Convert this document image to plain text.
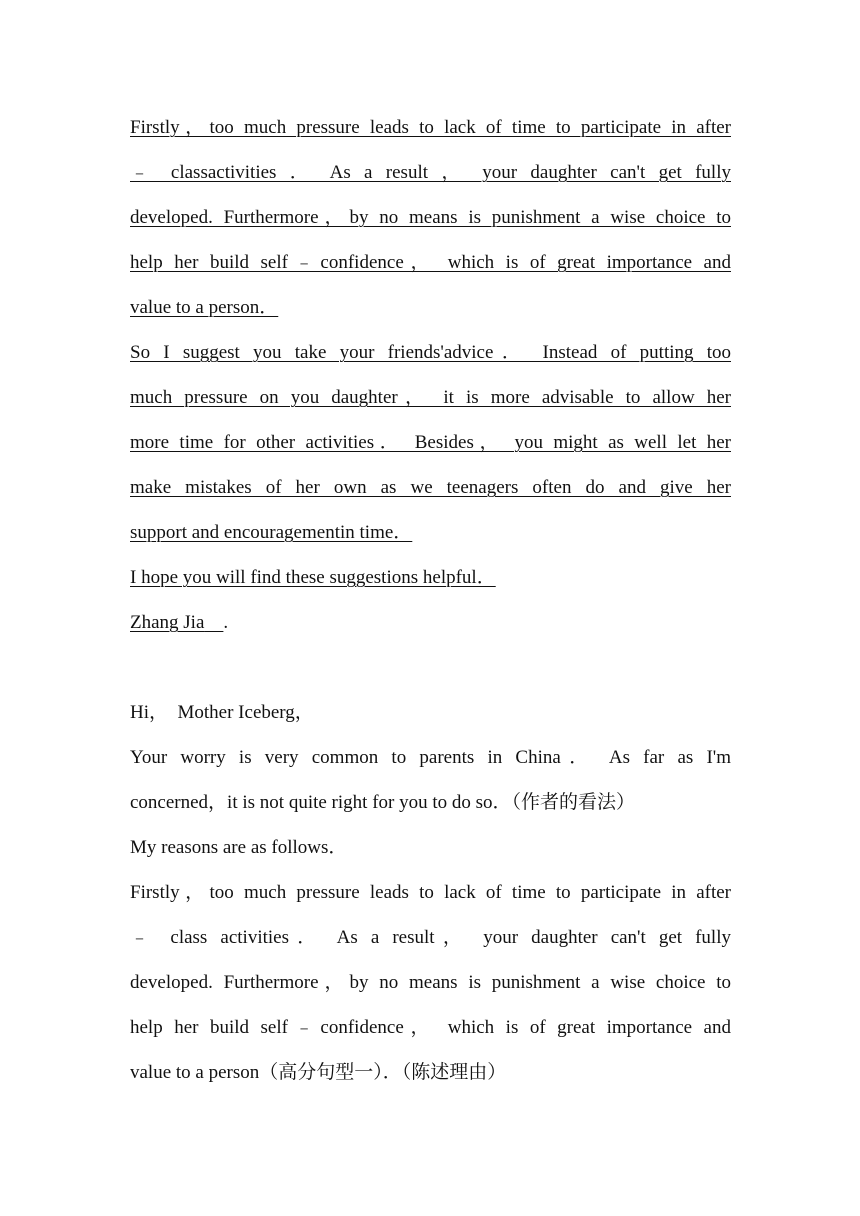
Firstly，too much pressure leads to lack of time to participate in after
﹣ classactivities ． As a result ， your daughter can't get fully
developed. Furthermore，by no means is punishment a wise choice to
help her build self﹣confidence， which is of great importance and
value to a person．
So I suggest you take your friends'advice． Instead of putting too
much pressure on you daughter， it is more advisable to allow her
more time for other activities． Besides， you might as well let her
make mistakes of her own as we teenagers often do and give her
support and encouragementin time．
I hope you will find these suggestions helpful．
Zhang Jia .
Hi，  Mother Iceberg，
Your worry is very common to parents in China． As far as I'm
concerned，it is not quite right for you to do so．（作者的看法）
My reasons are as follows．
Firstly，too much pressure leads to lack of time to participate in after
﹣ class activities． As a result， your daughter can't get fully
developed. Furthermore，by no means is punishment a wise choice to
help her build self﹣confidence， which is of great importance and
value to a person（高分句型一）．（陈述理由）
